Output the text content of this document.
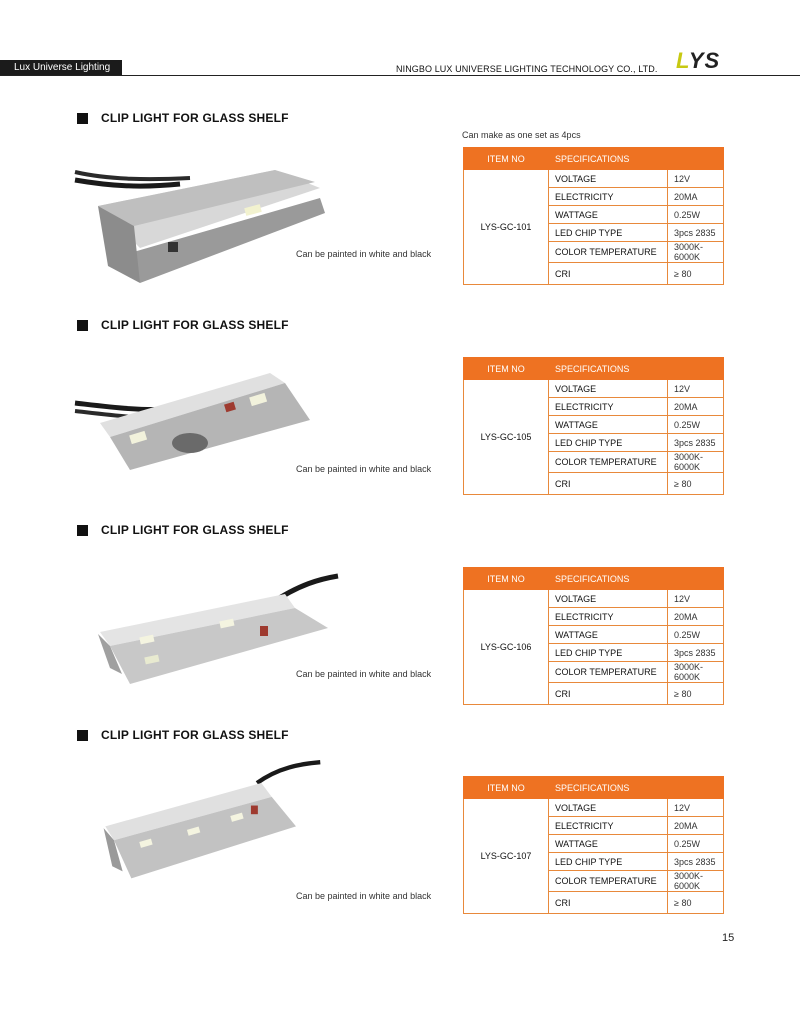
Lux Universe Lighting	NINGBO LUX UNIVERSE LIGHTING TECHNOLOGY CO., LTD. LYS
CLIP LIGHT FOR GLASS SHELF
Can make as one set as 4pcs
Can be painted in white and black
ITEM NO	SPECIFICATIONS	
LYS-GC-101	VOLTAGE	12V
	ELECTRICITY	20MA
	WATTAGE	0.25W
	LED CHIP TYPE	3pcs 2835
	COLOR TEMPERATURE	3000K-6000K
	CRI	≥ 80
CLIP LIGHT FOR GLASS SHELF
Can be painted in white and black
ITEM NO	SPECIFICATIONS	
LYS-GC-105	VOLTAGE	12V
	ELECTRICITY	20MA
	WATTAGE	0.25W
	LED CHIP TYPE	3pcs 2835
	COLOR TEMPERATURE	3000K-6000K
	CRI	≥ 80
CLIP LIGHT FOR GLASS SHELF
Can be painted in white and black
ITEM NO	SPECIFICATIONS	
LYS-GC-106	VOLTAGE	12V
	ELECTRICITY	20MA
	WATTAGE	0.25W
	LED CHIP TYPE	3pcs 2835
	COLOR TEMPERATURE	3000K-6000K
	CRI	≥ 80
CLIP LIGHT FOR GLASS SHELF
Can be painted in white and black
ITEM NO	SPECIFICATIONS	
LYS-GC-107	VOLTAGE	12V
	ELECTRICITY	20MA
	WATTAGE	0.25W
	LED CHIP TYPE	3pcs 2835
	COLOR TEMPERATURE	3000K-6000K
	CRI	≥ 80
15
